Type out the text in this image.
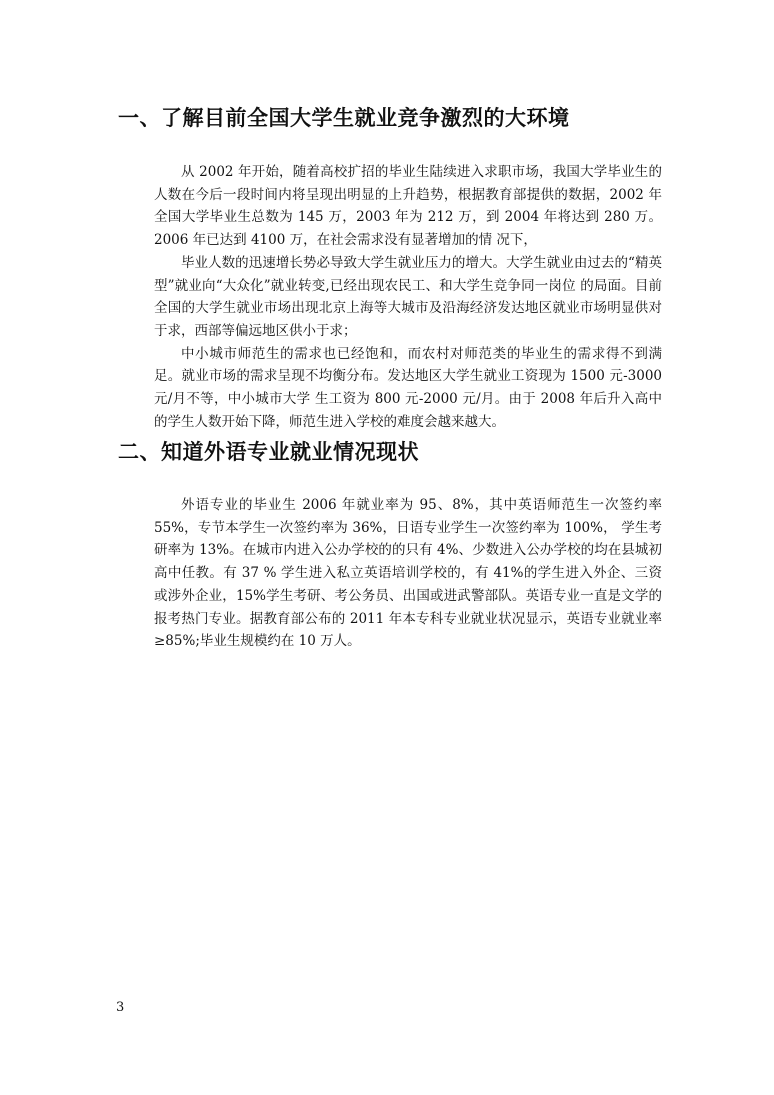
一、了解目前全国大学生就业竞争激烈的大环境

从 2002 年开始，随着高校扩招的毕业生陆续进入求职市场，我国大学毕业生的人数在今后一段时间内将呈现出明显的上升趋势，根据教育部提供的数据，2002 年全国大学毕业生总数为 145 万，2003 年为 212 万，到 2004 年将达到 280 万。2006 年已达到 4100 万，在社会需求没有显著增加的情 况下，

毕业人数的迅速增长势必导致大学生就业压力的增大。大学生就业由过去的“精英型”就业向“大众化”就业转变,已经出现农民工、和大学生竞争同一岗位 的局面。目前全国的大学生就业市场出现北京上海等大城市及沿海经济发达地区就业市场明显供对于求，西部等偏远地区供小于求；

中小城市师范生的需求也已经饱和，而农村对师范类的毕业生的需求得不到满足。就业市场的需求呈现不均衡分布。发达地区大学生就业工资现为 1500 元-3000 元/月不等，中小城市大学 生工资为 800 元-2000 元/月。由于 2008 年后升入高中的学生人数开始下降，师范生进入学校的难度会越来越大。

二、知道外语专业就业情况现状

外语专业的毕业生 2006 年就业率为 95、8%，其中英语师范生一次签约率 55%，专节本学生一次签约率为 36%，日语专业学生一次签约率为 100%， 学生考研率为 13%。在城市内进入公办学校的的只有 4%、少数进入公办学校的均在县城初高中任教。有 37 % 学生进入私立英语培训学校的，有 41%的学生进入外企、三资或涉外企业，15%学生考研、考公务员、出国或进武警部队。英语专业一直是文学的报考热门专业。据教育部公布的 2011 年本专科专业就业状况显示，英语专业就业率≥85%;毕业生规模约在 10 万人。

3
